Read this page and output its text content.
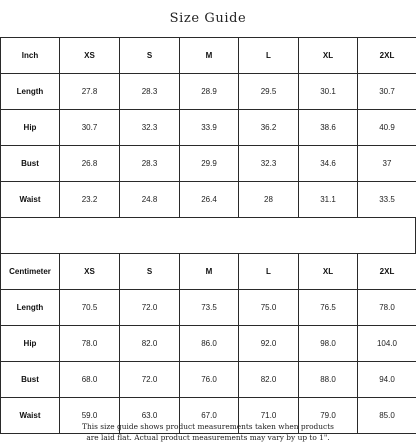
Size Guide
Inch	XS	S	M	L	XL	2XL
Length	27.8	28.3	28.9	29.5	30.1	30.7
Hip	30.7	32.3	33.9	36.2	38.6	40.9
Bust	26.8	28.3	29.9	32.3	34.6	37
Waist	23.2	24.8	26.4	28	31.1	33.5
Centimeter	XS	S	M	L	XL	2XL
Length	70.5	72.0	73.5	75.0	76.5	78.0
Hip	78.0	82.0	86.0	92.0	98.0	104.0
Bust	68.0	72.0	76.0	82.0	88.0	94.0
Waist	59.0	63.0	67.0	71.0	79.0	85.0
This size guide shows product measurements taken when products
are laid flat. Actual product measurements may vary by up to 1".
